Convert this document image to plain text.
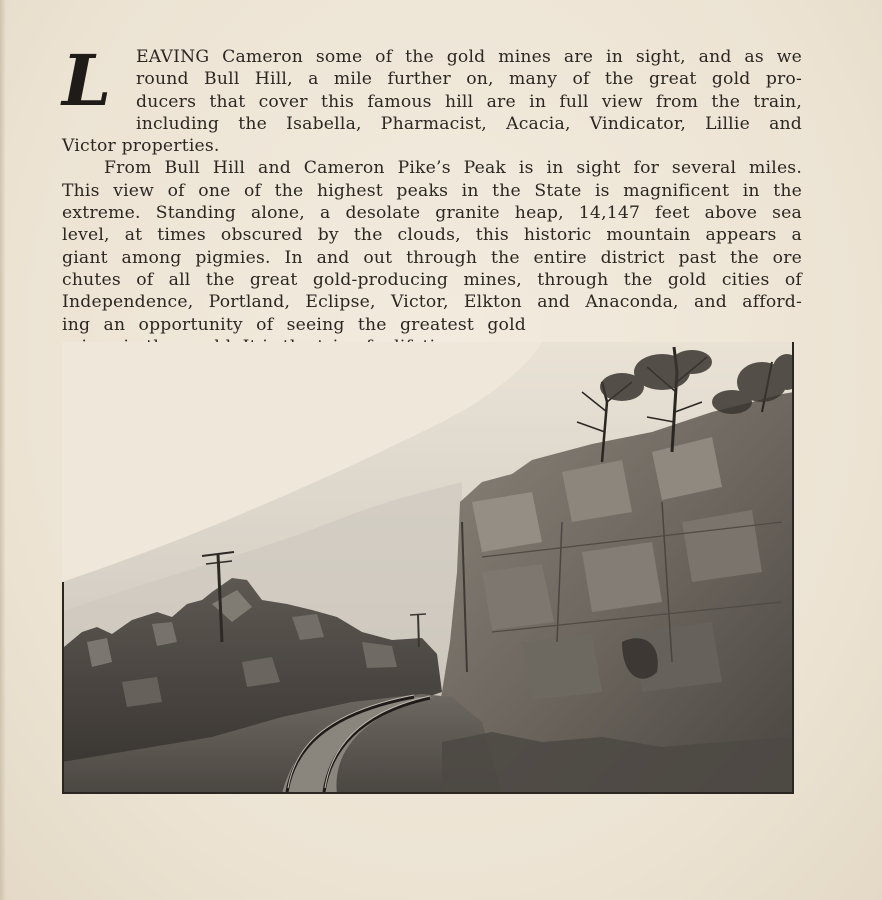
L	EAVING Cameron some of the gold mines are in sight, and as we
round Bull Hill, a mile further on, many of the great gold pro-
ducers that cover this famous hill are in full view from the train,
including the Isabella, Pharmacist, Acacia, Vindicator, Lillie and
Victor properties.
From Bull Hill and Cameron Pike’s Peak is in sight for several miles.
This view of one of the highest peaks in the State is magnificent in the
extreme. Standing alone, a desolate granite heap, 14,147 feet above sea
level, at times obscured by the clouds, this historic mountain appears a
giant among pigmies. In and out through the entire district past the ore
chutes of all the great gold-producing mines, through the gold cities of
Independence, Portland, Eclipse, Victor, Elkton and Anaconda, and afford-
ing an opportunity of seeing the greatest gold
